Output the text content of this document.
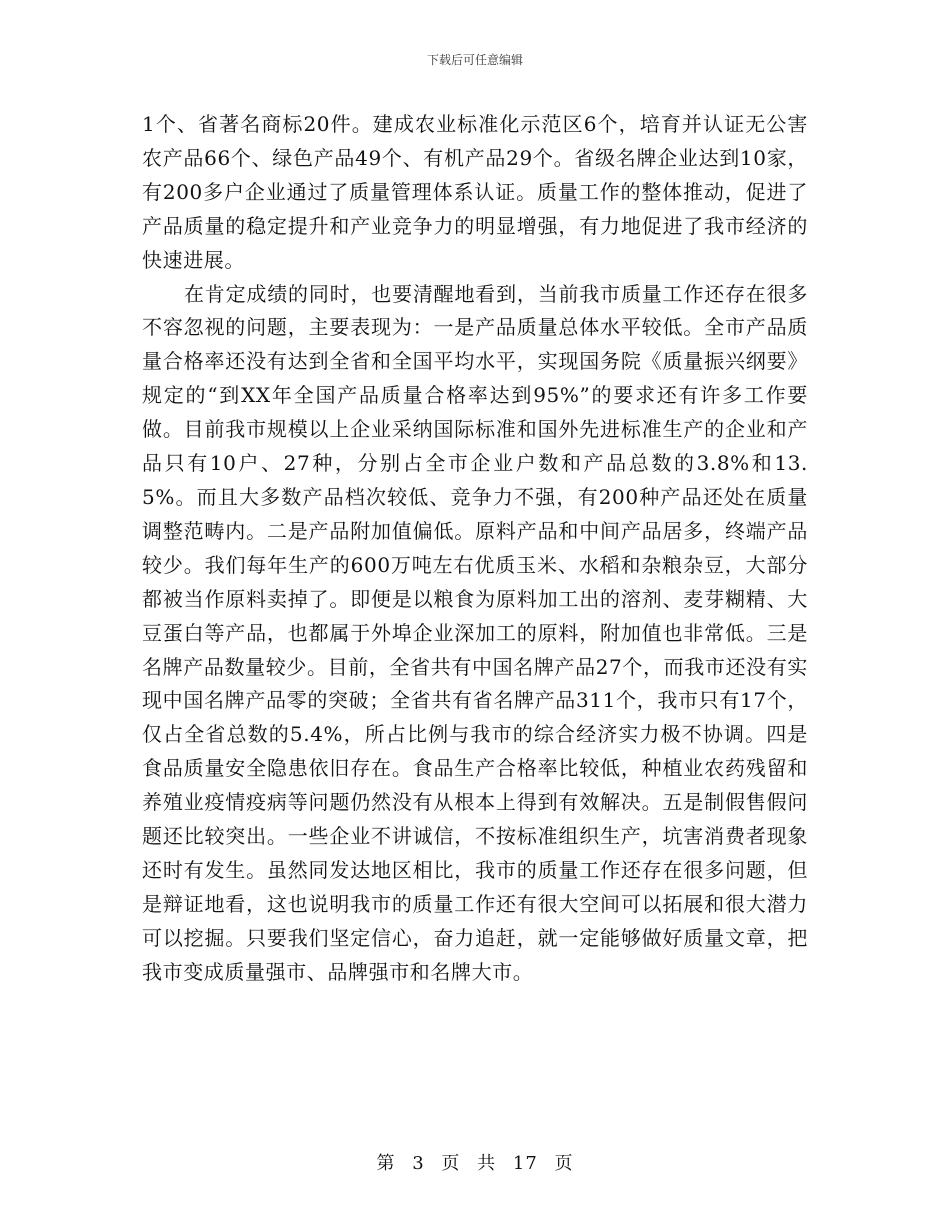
下载后可任意编辑

1个、省著名商标20件。建成农业标准化示范区6个，培育并认证无公害农产品66个、绿色产品49个、有机产品29个。省级名牌企业达到10家，有200多户企业通过了质量管理体系认证。质量工作的整体推动，促进了产品质量的稳定提升和产业竞争力的明显增强，有力地促进了我市经济的快速进展。

在肯定成绩的同时，也要清醒地看到，当前我市质量工作还存在很多不容忽视的问题，主要表现为：一是产品质量总体水平较低。全市产品质量合格率还没有达到全省和全国平均水平，实现国务院《质量振兴纲要》规定的“到XX年全国产品质量合格率达到95%”的要求还有许多工作要做。目前我市规模以上企业采纳国际标准和国外先进标准生产的企业和产品只有10户、27种，分别占全市企业户数和产品总数的3.8%和13.5%。而且大多数产品档次较低、竞争力不强，有200种产品还处在质量调整范畴内。二是产品附加值偏低。原料产品和中间产品居多，终端产品较少。我们每年生产的600万吨左右优质玉米、水稻和杂粮杂豆，大部分都被当作原料卖掉了。即便是以粮食为原料加工出的溶剂、麦芽糊精、大豆蛋白等产品，也都属于外埠企业深加工的原料，附加值也非常低。三是名牌产品数量较少。目前，全省共有中国名牌产品27个，而我市还没有实现中国名牌产品零的突破；全省共有省名牌产品311个，我市只有17个，仅占全省总数的5.4%，所占比例与我市的综合经济实力极不协调。四是食品质量安全隐患依旧存在。食品生产合格率比较低，种植业农药残留和养殖业疫情疫病等问题仍然没有从根本上得到有效解决。五是制假售假问题还比较突出。一些企业不讲诚信，不按标准组织生产，坑害消费者现象还时有发生。虽然同发达地区相比，我市的质量工作还存在很多问题，但是辩证地看，这也说明我市的质量工作还有很大空间可以拓展和很大潜力可以挖掘。只要我们坚定信心，奋力追赶，就一定能够做好质量文章，把我市变成质量强市、品牌强市和名牌大市。

第 3 页 共 17 页
